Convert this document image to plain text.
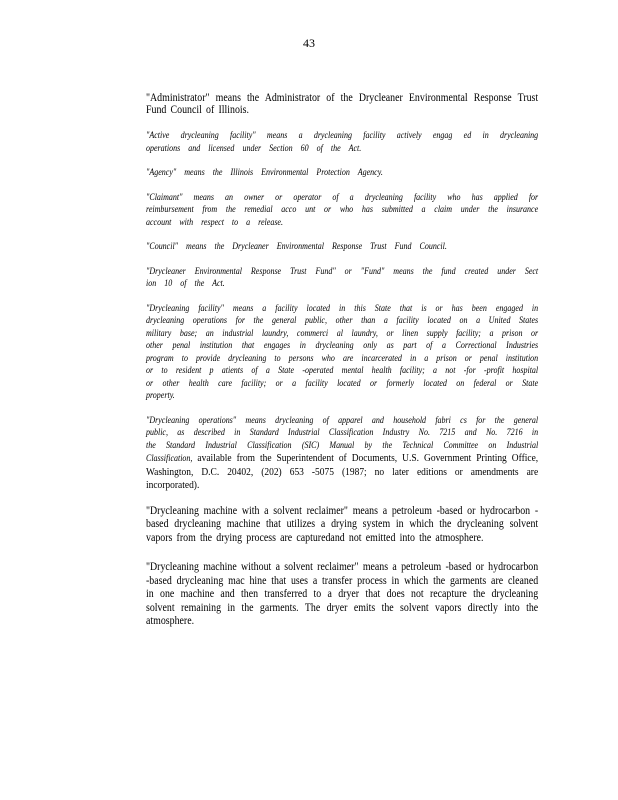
43

"Administrator" means the Administrator of the Drycleaner Environmental Response Trust Fund Council of Illinois.

"Active drycleaning facility" means a drycleaning facility actively engag ed in drycleaning operations and licensed under Section 60 of the Act.

"Agency" means the Illinois Environmental Protection Agency.

"Claimant" means an owner or operator of a drycleaning facility who has applied for reimbursement from the remedial acco unt or who has submitted a claim under the insurance account with respect to a release.

"Council" means the Drycleaner Environmental Response Trust Fund Council.

"Drycleaner Environmental Response Trust Fund" or "Fund" means the fund created under Sect ion 10 of the Act.

"Drycleaning facility" means a facility located in this State that is or has been engaged in drycleaning operations for the general public, other than a facility located on a United States military base; an industrial laundry, commerci al laundry, or linen supply facility; a prison or other penal institution that engages in drycleaning only as part of a Correctional Industries program to provide drycleaning to persons who are incarcerated in a prison or penal institution or to resident p atients of a State -operated mental health facility; a not -for -profit hospital or other health care facility; or a facility located or formerly located on federal or State property.

"Drycleaning operations" means drycleaning of apparel and household fabri cs for the general public, as described in Standard Industrial Classification Industry No. 7215 and No. 7216 in the Standard Industrial Classification (SIC) Manual by the Technical Committee on Industrial Classification, available from the Superintendent of Documents, U.S. Government Printing Office, Washington, D.C. 20402, (202) 653 -5075 (1987; no later editions or amendments are incorporated).

"Drycleaning machine with a solvent reclaimer" means a petroleum -based or hydrocarbon -based drycleaning machine that utilizes a drying system in which the drycleaning solvent vapors from the drying process are capturedand not emitted into the atmosphere.

"Drycleaning machine without a solvent reclaimer" means a petroleum -based or hydrocarbon -based drycleaning mac hine that uses a transfer process in which the garments are cleaned in one machine and then transferred to a dryer that does not recapture the drycleaning solvent remaining in the garments. The dryer emits the solvent vapors directly into the atmosphere.
